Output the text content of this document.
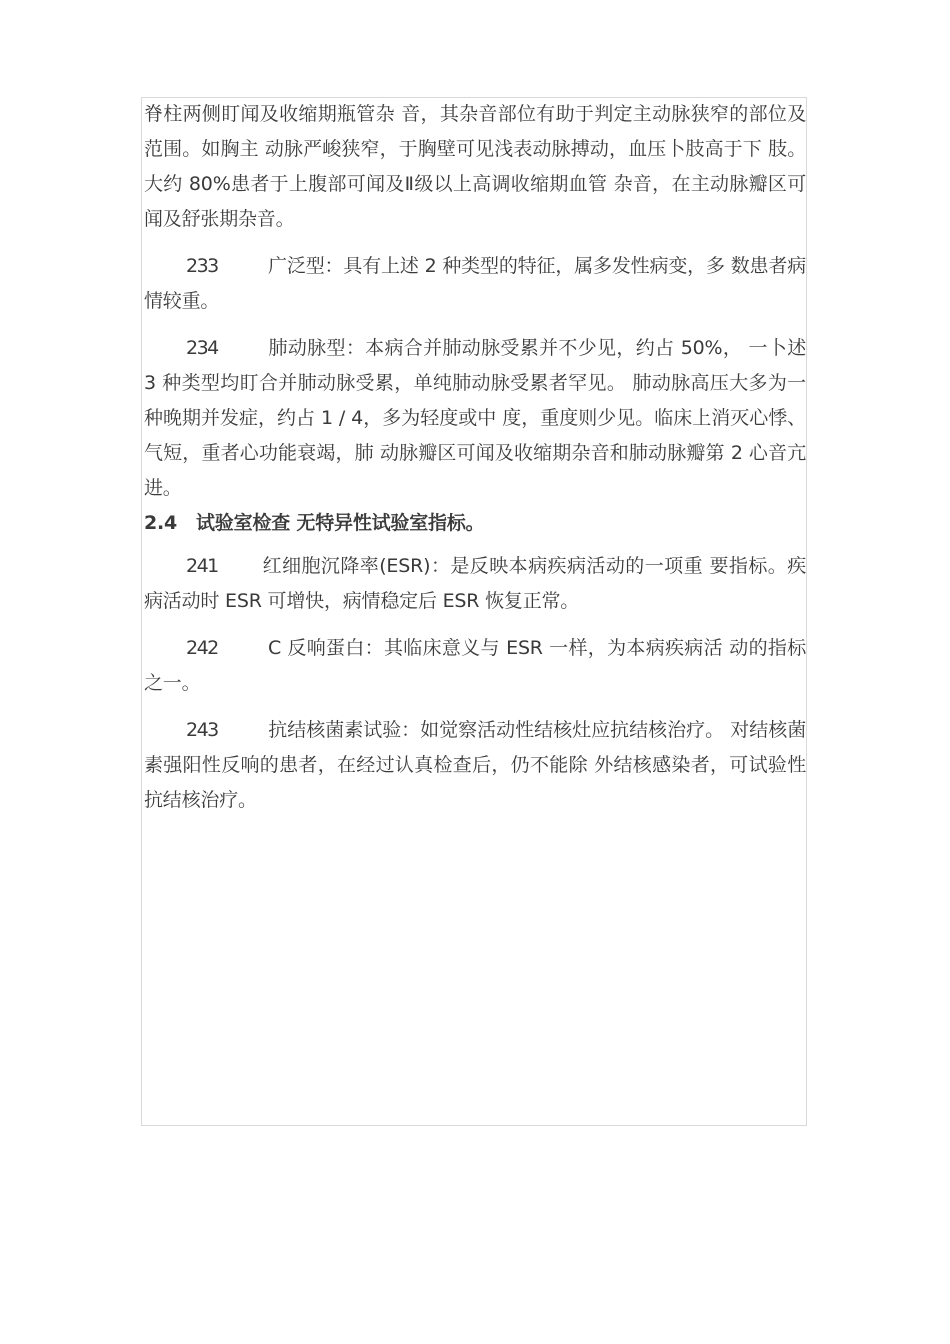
脊柱两侧盯闻及收缩期瓶管杂 音，其杂音部位有助于判定主动脉狭窄的部位及范围。如胸主 动脉严峻狭窄，于胸壁可见浅表动脉搏动，血压卜肢高于下 肢。大约 80%患者于上腹部可闻及Ⅱ级以上高调收缩期血管 杂音，在主动脉瓣区可闻及舒张期杂音。

233	广泛型：具有上述 2 种类型的特征，属多发性病变，多 数患者病情较重。

234	肺动脉型：本病合并肺动脉受累并不少见，约占 50%， 一卜述 3 种类型均盯合并肺动脉受累，单纯肺动脉受累者罕见。 肺动脉高压大多为一种晚期并发症，约占 1 / 4，多为轻度或中 度，重度则少见。临床上消灭心悸、气短，重者心功能衰竭，肺 动脉瓣区可闻及收缩期杂音和肺动脉瓣第 2 心音亢进。

2.4 试验室检查 无特异性试验室指标。

241 红细胞沉降率(ESR)：是反映本病疾病活动的一项重 要指标。疾病活动时 ESR 可增快，病情稳定后 ESR 恢复正常。

242	C 反响蛋白：其临床意义与 ESR 一样，为本病疾病活 动的指标之一。

243	抗结核菌素试验：如觉察活动性结核灶应抗结核治疗。 对结核菌素强阳性反响的患者，在经过认真检查后，仍不能除 外结核感染者，可试验性抗结核治疗。
